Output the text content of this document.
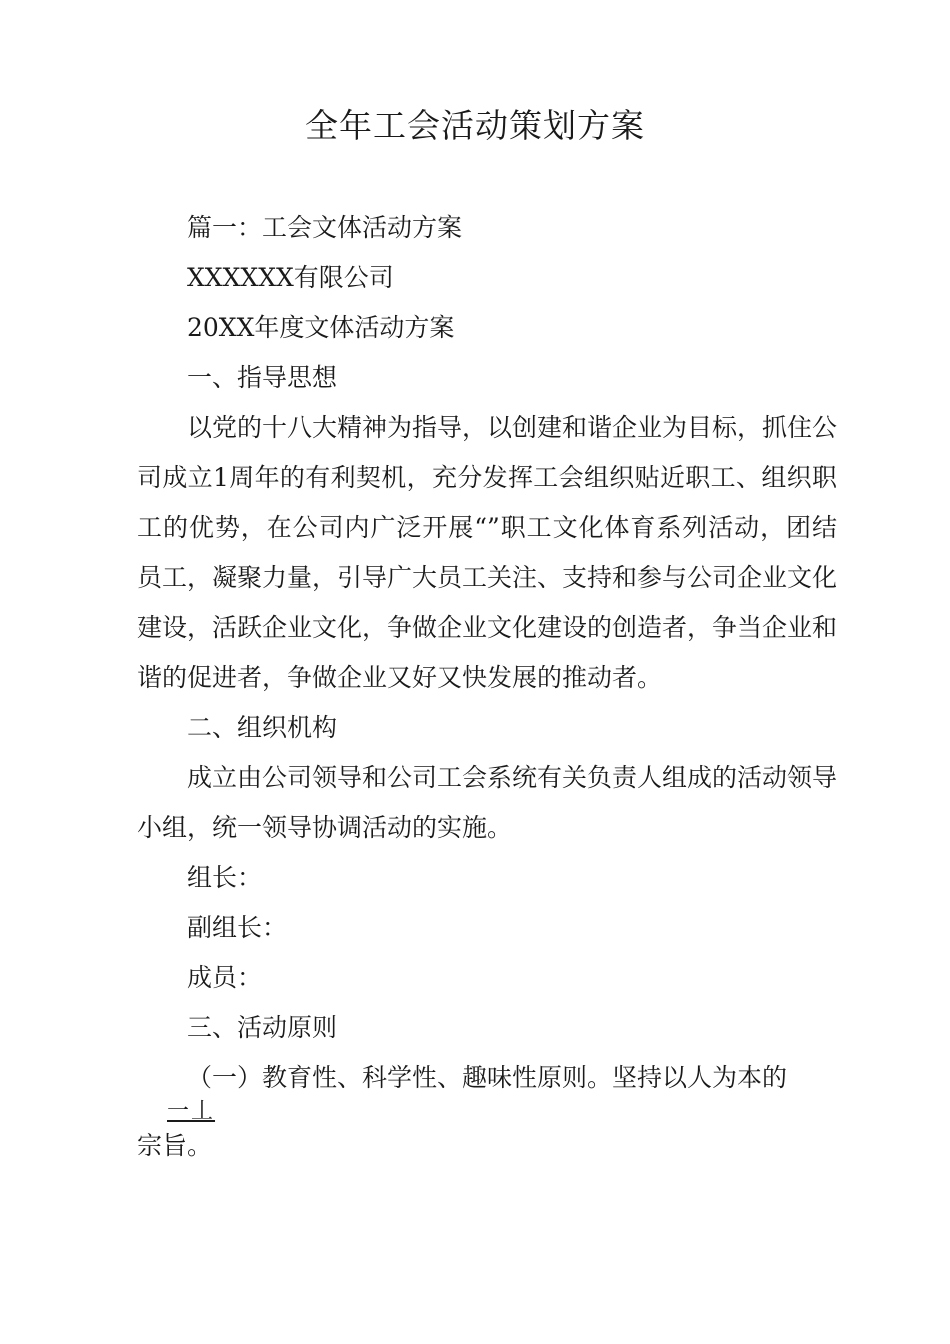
全年工会活动策划方案

篇一：工会文体活动方案

XXXXXX有限公司

20XX年度文体活动方案

一、指导思想

以党的十八大精神为指导，以创建和谐企业为目标，抓住公司成立1周年的有利契机，充分发挥工会组织贴近职工、组织职工的优势，在公司内广泛开展“”职工文化体育系列活动，团结员工，凝聚力量，引导广大员工关注、支持和参与公司企业文化建设，活跃企业文化，争做企业文化建设的创造者，争当企业和谐的促进者，争做企业又好又快发展的推动者。

二、组织机构

成立由公司领导和公司工会系统有关负责人组成的活动领导小组，统一领导协调活动的实施。

组长：

副组长：

成员：

三、活动原则

（一）教育性、科学性、趣味性原则。坚持以人为本的

一丄
宗旨。
